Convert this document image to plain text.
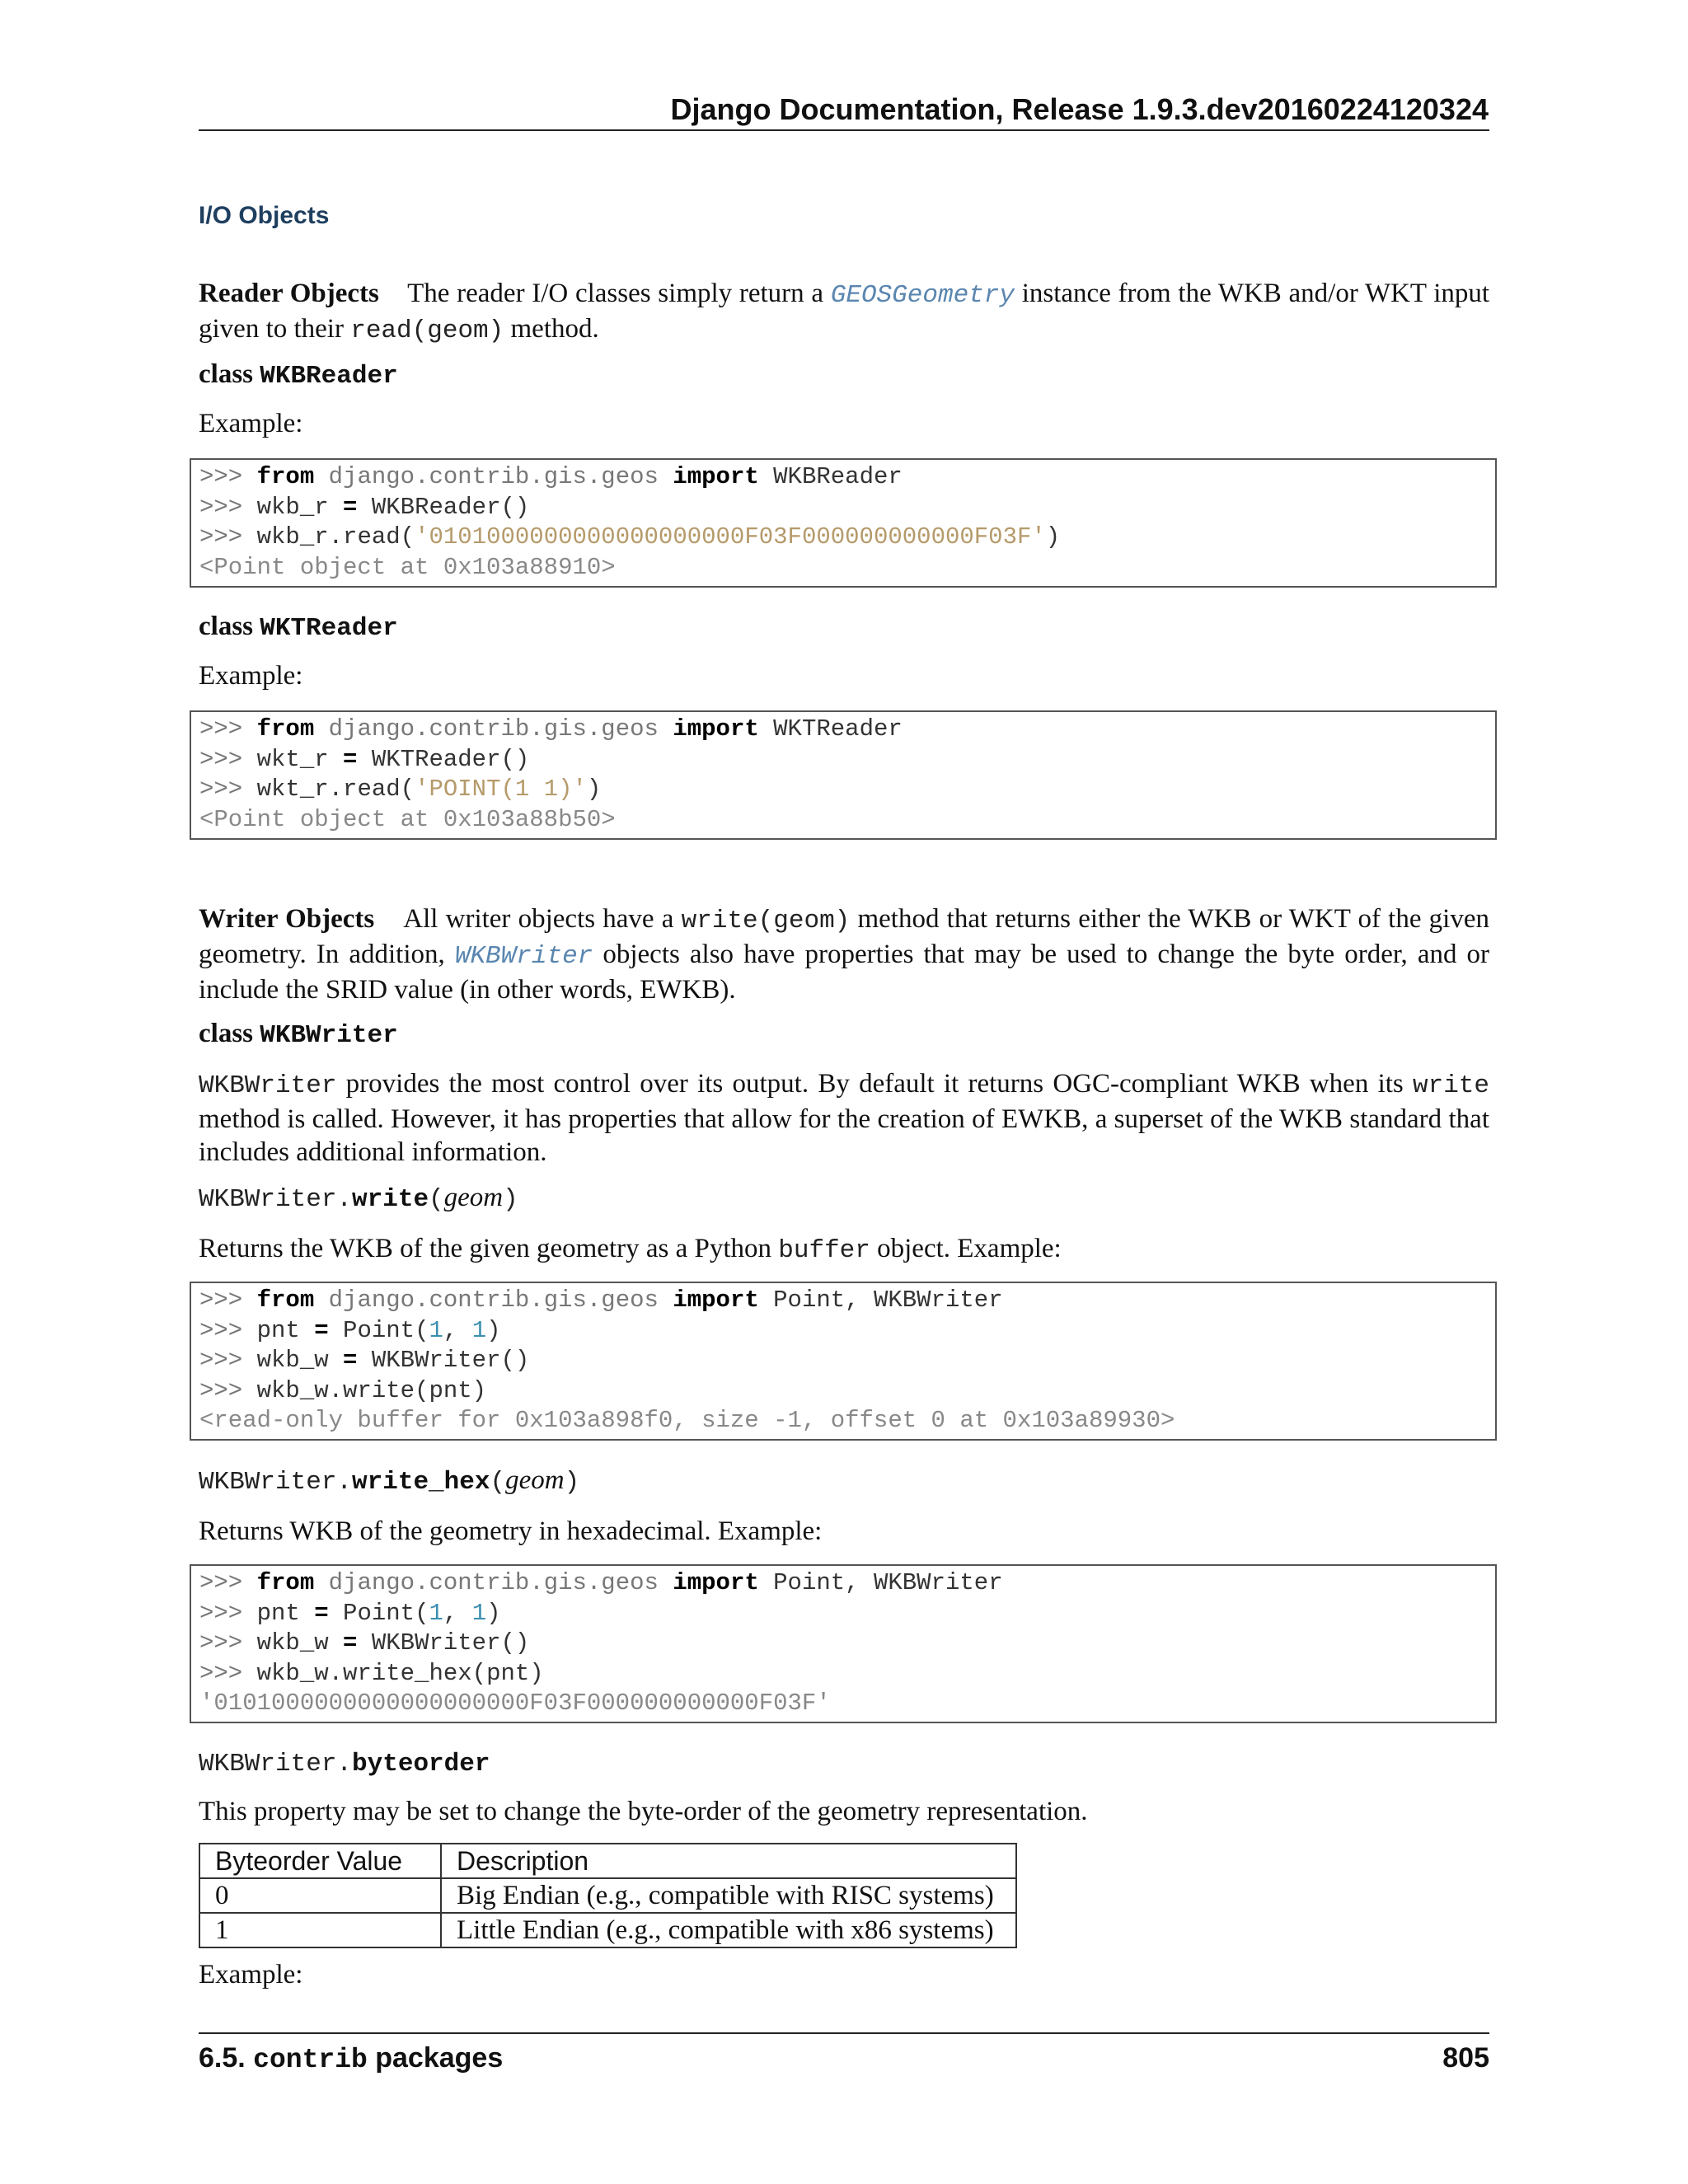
Django Documentation, Release 1.9.3.dev20160224120324
I/O Objects
Reader Objects The reader I/O classes simply return a GEOSGeometry instance from the WKB and/or WKT input given to their read(geom) method.
class WKBReader
Example:
>>> from django.contrib.gis.geos import WKBReader
>>> wkb_r = WKBReader()
>>> wkb_r.read('0101000000000000000000F03F000000000000F03F')
<Point object at 0x103a88910>
class WKTReader
Example:
>>> from django.contrib.gis.geos import WKTReader
>>> wkt_r = WKTReader()
>>> wkt_r.read('POINT(1 1)')
<Point object at 0x103a88b50>
Writer Objects All writer objects have a write(geom) method that returns either the WKB or WKT of the given geometry. In addition, WKBWriter objects also have properties that may be used to change the byte order, and or include the SRID value (in other words, EWKB).
class WKBWriter
WKBWriter provides the most control over its output. By default it returns OGC-compliant WKB when its write method is called. However, it has properties that allow for the creation of EWKB, a superset of the WKB standard that includes additional information.
WKBWriter.write(geom)
Returns the WKB of the given geometry as a Python buffer object. Example:
>>> from django.contrib.gis.geos import Point, WKBWriter
>>> pnt = Point(1, 1)
>>> wkb_w = WKBWriter()
>>> wkb_w.write(pnt)
<read-only buffer for 0x103a898f0, size -1, offset 0 at 0x103a89930>
WKBWriter.write_hex(geom)
Returns WKB of the geometry in hexadecimal. Example:
>>> from django.contrib.gis.geos import Point, WKBWriter
>>> pnt = Point(1, 1)
>>> wkb_w = WKBWriter()
>>> wkb_w.write_hex(pnt)
'0101000000000000000000F03F000000000000F03F'
WKBWriter.byteorder
This property may be set to change the byte-order of the geometry representation.
Byteorder Value	Description
0	Big Endian (e.g., compatible with RISC systems)
1	Little Endian (e.g., compatible with x86 systems)
Example:
6.5. contrib packages	805
